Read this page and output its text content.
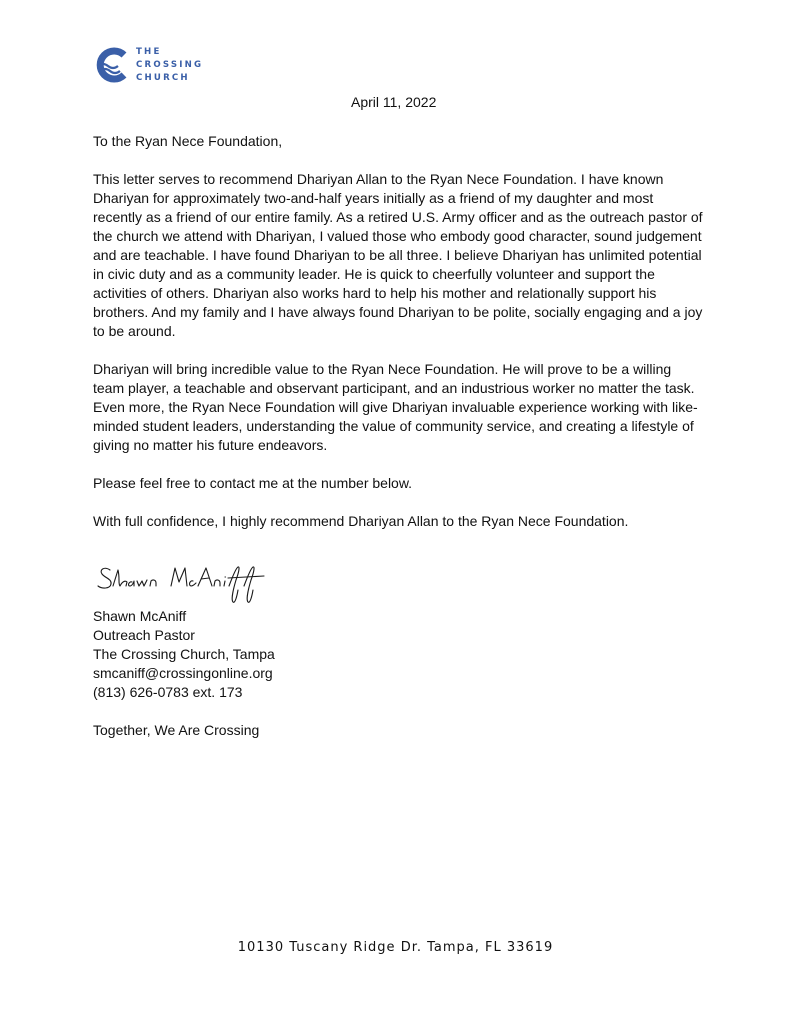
THE
CROSSING
CHURCH
April 11, 2022

To the Ryan Nece Foundation,

This letter serves to recommend Dhariyan Allan to the Ryan Nece Foundation. I have known Dhariyan for approximately two-and-half years initially as a friend of my daughter and most recently as a friend of our entire family. As a retired U.S. Army officer and as the outreach pastor of the church we attend with Dhariyan, I valued those who embody good character, sound judgement and are teachable. I have found Dhariyan to be all three. I believe Dhariyan has unlimited potential in civic duty and as a community leader. He is quick to cheerfully volunteer and support the activities of others. Dhariyan also works hard to help his mother and relationally support his brothers. And my family and I have always found Dhariyan to be polite, socially engaging and a joy to be around.

Dhariyan will bring incredible value to the Ryan Nece Foundation. He will prove to be a willing team player, a teachable and observant participant, and an industrious worker no matter the task. Even more, the Ryan Nece Foundation will give Dhariyan invaluable experience working with like-minded student leaders, understanding the value of community service, and creating a lifestyle of giving no matter his future endeavors.

Please feel free to contact me at the number below.

With full confidence, I highly recommend Dhariyan Allan to the Ryan Nece Foundation.

Shawn McAniff
Outreach Pastor
The Crossing Church, Tampa
smcaniff@crossingonline.org
(813) 626-0783 ext. 173
Together, We Are Crossing
10130 Tuscany Ridge Dr. Tampa, FL 33619
